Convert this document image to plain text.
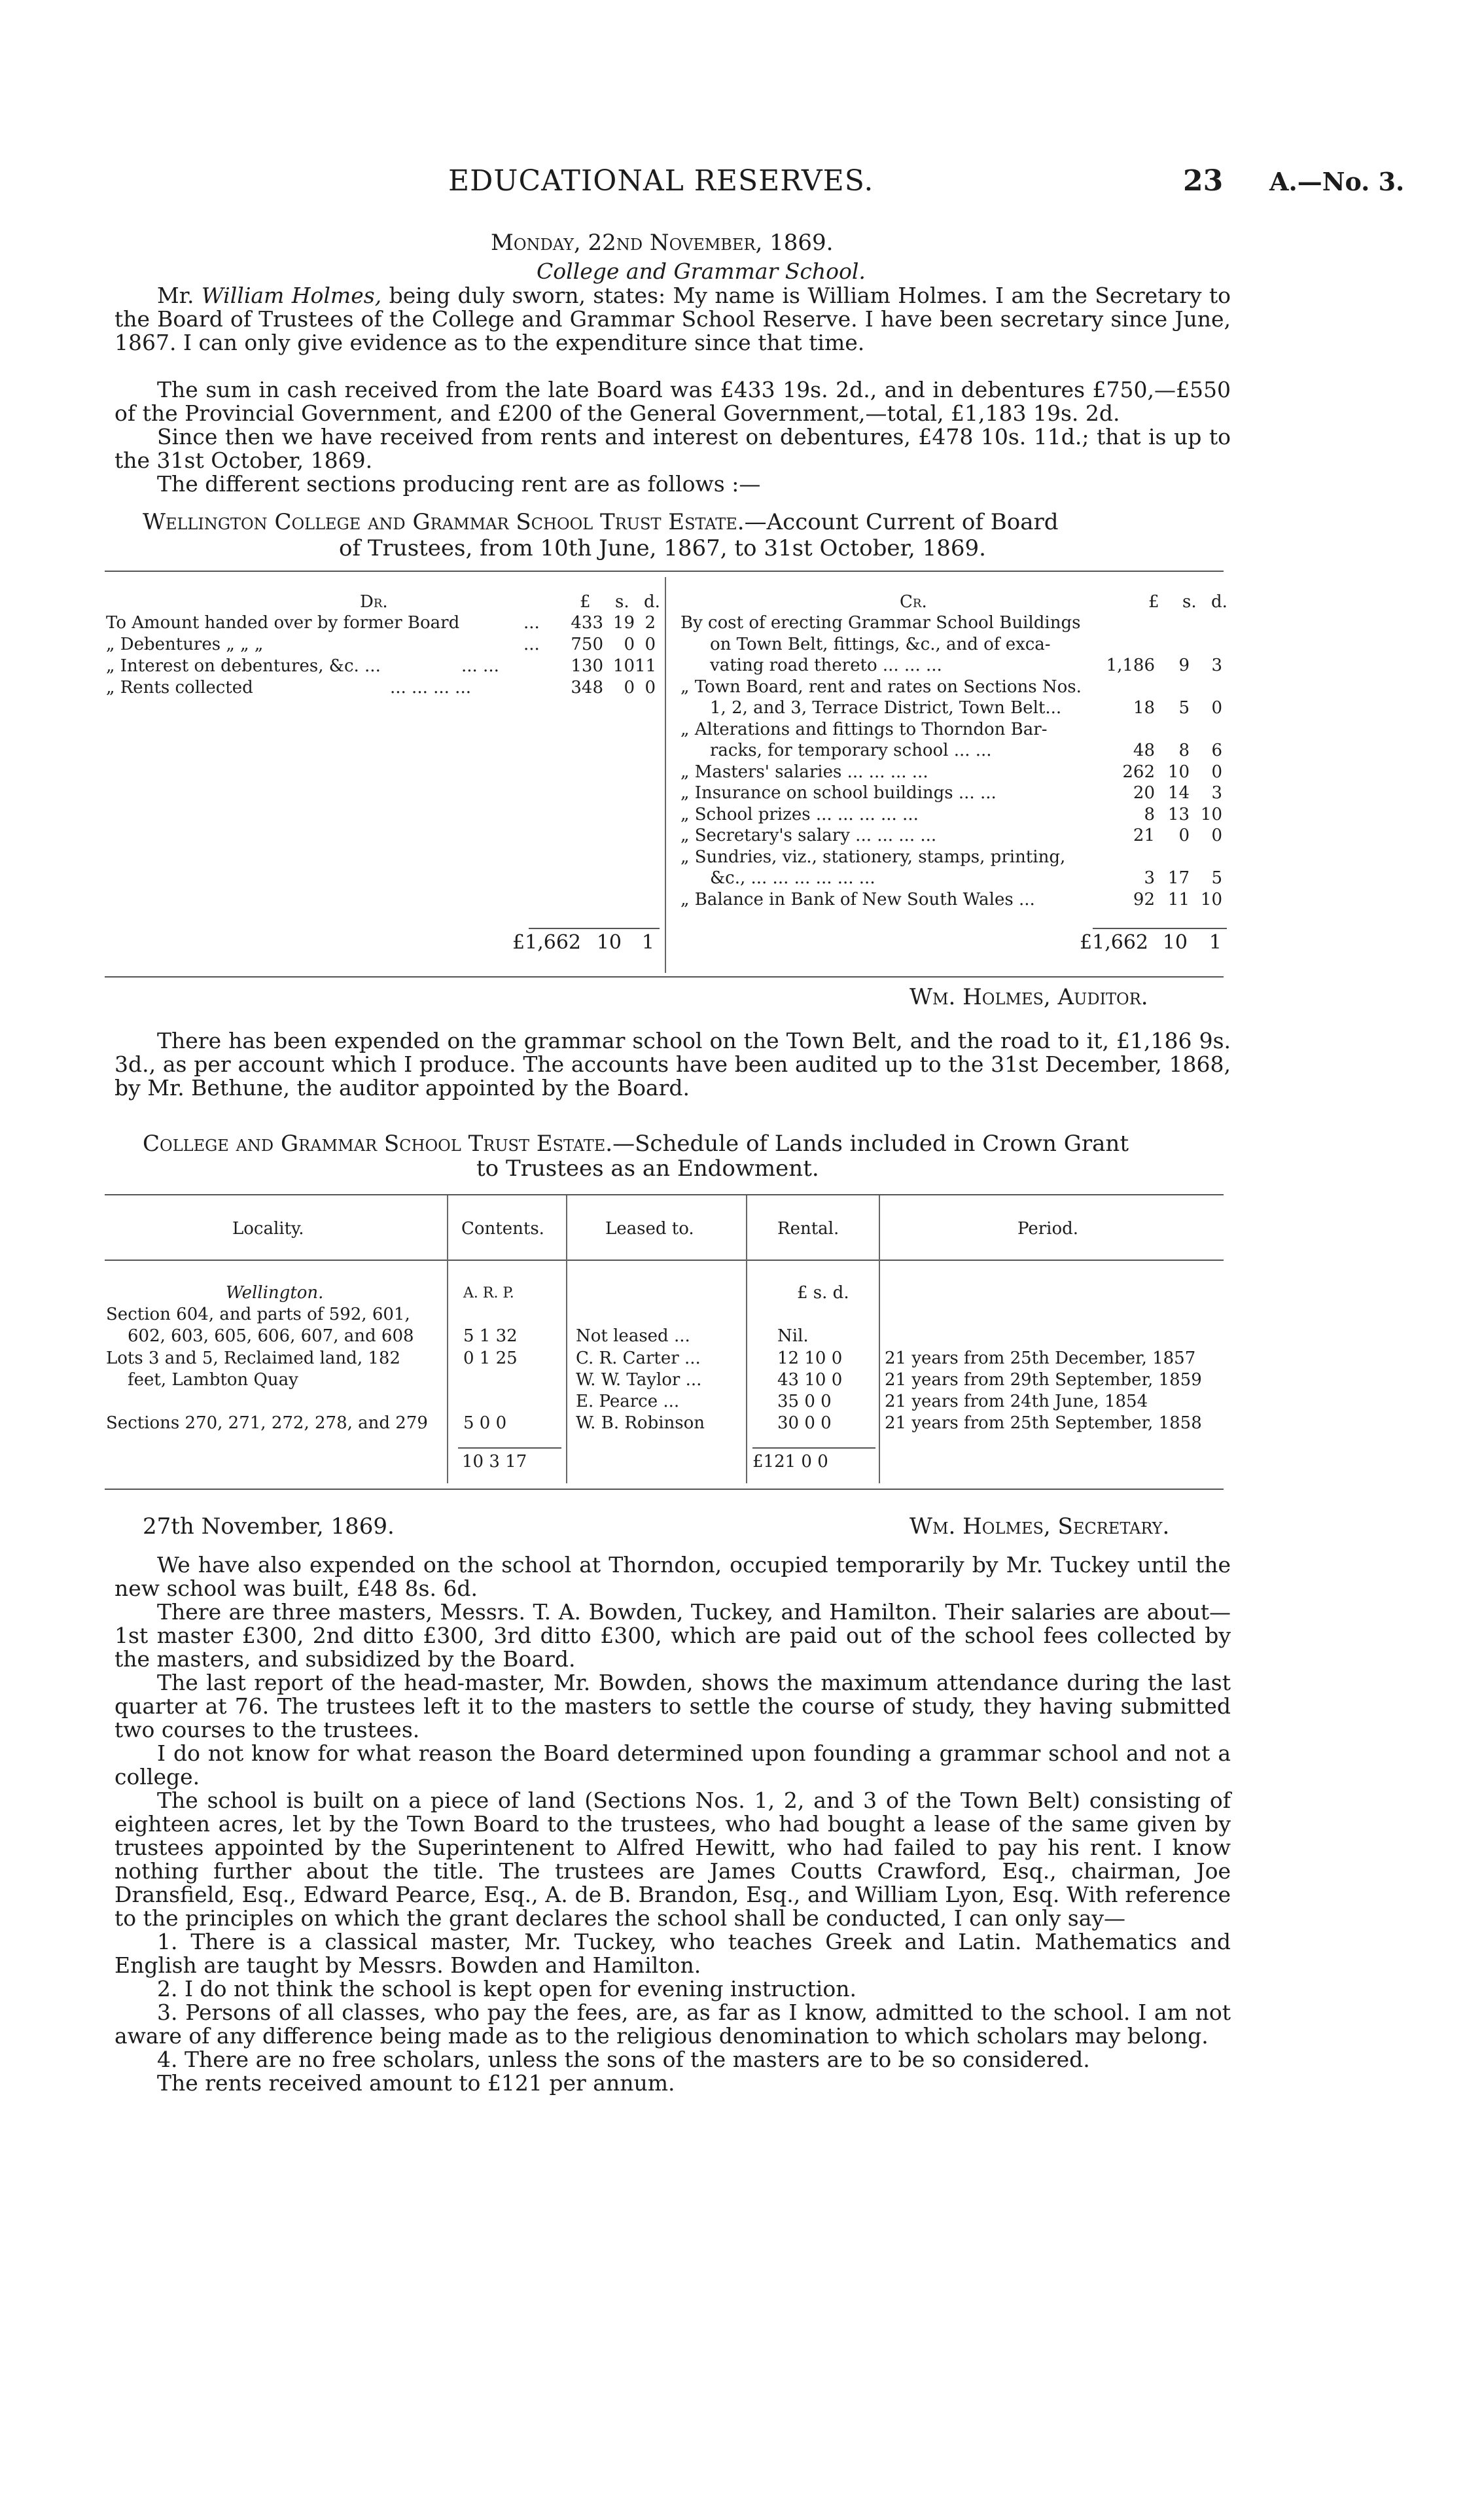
EDUCATIONAL RESERVES.	23 A.—No. 3.
Monday, 22nd November, 1869.
College and Grammar School.
Mr. William Holmes, being duly sworn, states: My name is William Holmes. I am the Secretary to the Board of Trustees of the College and Grammar School Reserve. I have been secretary since June, 1867. I can only give evidence as to the expenditure since that time.
The sum in cash received from the late Board was £433 19s. 2d., and in debentures £750,—£550 of the Provincial Government, and £200 of the General Government,—total, £1,183 19s. 2d.
Since then we have received from rents and interest on debentures, £478 10s. 11d.; that is up to the 31st October, 1869.
The different sections producing rent are as follows :—
Wellington College and Grammar School Trust Estate.—Account Current of Board
of Trustees, from 10th June, 1867, to 31st October, 1869.
Dr.	£ s. d.
To Amount handed over by former Board	...	433 19 2
„ Debentures „ „ „	...	750	0 0
„ Interest on debentures, &c. ...	... ...	130 10 11
„ Rents collected	... ... ... ...	348	0 0
£1,662 10 1
Cr.	£ s. d.
By cost of erecting Grammar School Buildings
on Town Belt, fittings, &c., and of exca-
vating road thereto ... ... ...	1,186	9	3
„ Town Board, rent and rates on Sections Nos.
1, 2, and 3, Terrace District, Town Belt...	18	5	0
„ Alterations and fittings to Thorndon Bar-
racks, for temporary school ... ...	48	8	6
„ Masters' salaries ... ... ... ...	262 10	0
„ Insurance on school buildings ... ...	20 14	3
„ School prizes ... ... ... ... ...	8 13 10
„ Secretary's salary ... ... ... ...	21	0	0
„ Sundries, viz., stationery, stamps, printing,
&c., ... ... ... ... ... ...	3 17	5
„ Balance in Bank of New South Wales ...	92 11 10
£1,662 10 1
Wm. Holmes, Auditor.
There has been expended on the grammar school on the Town Belt, and the road to it, £1,186 9s. 3d., as per account which I produce. The accounts have been audited up to the 31st December, 1868, by Mr. Bethune, the auditor appointed by the Board.
College and Grammar School Trust Estate.—Schedule of Lands included in Crown Grant
to Trustees as an Endowment.
Locality.	Contents.	Leased to.	Rental.	Period.
A. R. P.	£ s. d.
Wellington.
Section 604, and parts of 592, 601,
602, 603, 605, 606, 607, and 608	5 1 32	Not leased ...	Nil.
Lots 3 and 5, Reclaimed land, 182
feet, Lambton Quay
0 1 25	C. R. Carter ...	12 10 0 21 years from 25th December, 1857
W. W. Taylor ...	43 10 0 21 years from 29th September, 1859
E. Pearce ...	35 0 0	21 years from 24th June, 1854
Sections 270, 271, 272, 278, and 279 5 0 0	W. B. Robinson	30 0 0	21 years from 25th September, 1858
10 3 17	£121 0 0
27th November, 1869.	Wm. Holmes, Secretary.
We have also expended on the school at Thorndon, occupied temporarily by Mr. Tuckey until the new school was built, £48 8s. 6d.
There are three masters, Messrs. T. A. Bowden, Tuckey, and Hamilton. Their salaries are about—1st master £300, 2nd ditto £300, 3rd ditto £300, which are paid out of the school fees collected by the masters, and subsidized by the Board.
The last report of the head-master, Mr. Bowden, shows the maximum attendance during the last quarter at 76. The trustees left it to the masters to settle the course of study, they having submitted two courses to the trustees.
I do not know for what reason the Board determined upon founding a grammar school and not a college.
The school is built on a piece of land (Sections Nos. 1, 2, and 3 of the Town Belt) consisting of eighteen acres, let by the Town Board to the trustees, who had bought a lease of the same given by trustees appointed by the Superintenent to Alfred Hewitt, who had failed to pay his rent. I know nothing further about the title. The trustees are James Coutts Crawford, Esq., chairman, Joe Dransfield, Esq., Edward Pearce, Esq., A. de B. Brandon, Esq., and William Lyon, Esq. With reference to the principles on which the grant declares the school shall be conducted, I can only say—
1. There is a classical master, Mr. Tuckey, who teaches Greek and Latin. Mathematics and English are taught by Messrs. Bowden and Hamilton.
2. I do not think the school is kept open for evening instruction.
3. Persons of all classes, who pay the fees, are, as far as I know, admitted to the school. I am not aware of any difference being made as to the religious denomination to which scholars may belong.
4. There are no free scholars, unless the sons of the masters are to be so considered.
The rents received amount to £121 per annum.
